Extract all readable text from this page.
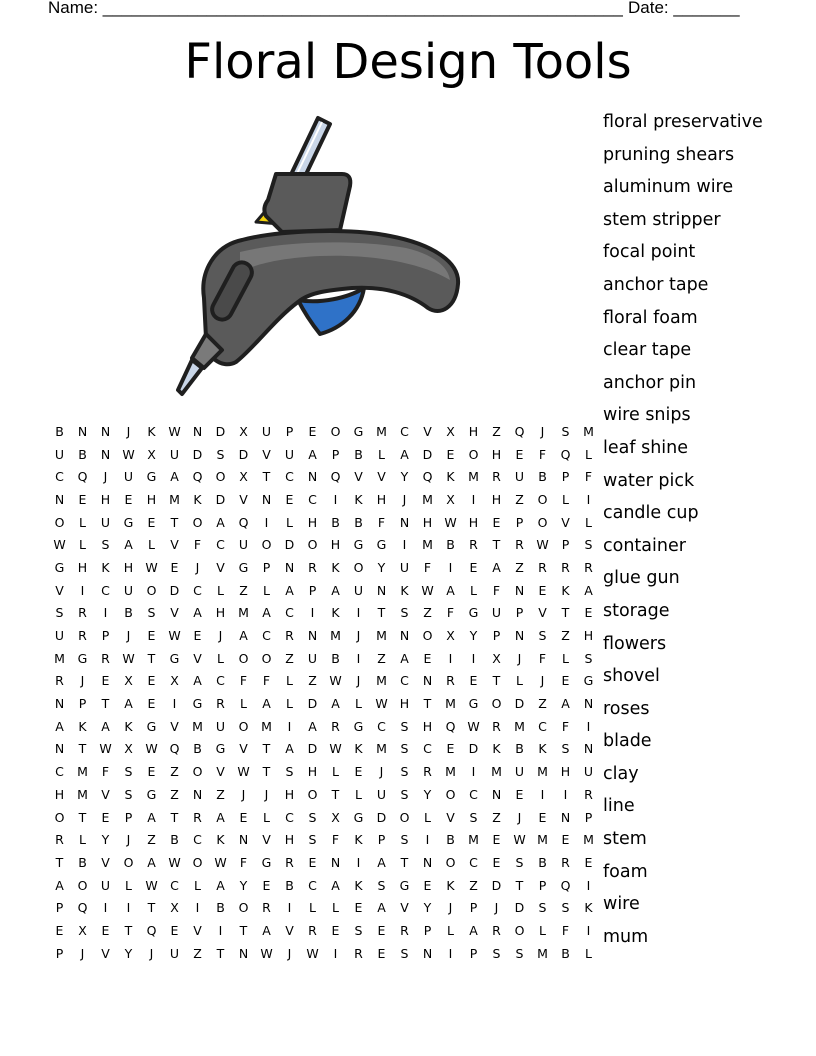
Name: _______________________________________________________ Date: _______
Floral Design Tools
B	N	N	J	K	W	N	D	X	U	P	E	O	G	M	C	V	X	H	Z	Q	J	S	M
U	B	N	W	X	U	D	S	D	V	U	A	P	B	L	A	D	E	O	H	E	F	Q	L
C	Q	J	U	G	A	Q	O	X	T	C	N	Q	V	V	Y	Q	K	M	R	U	B	P	F
N	E	H	E	H	M	K	D	V	N	E	C	I	K	H	J	M	X	I	H	Z	O	L	I
O	L	U	G	E	T	O	A	Q	I	L	H	B	B	F	N	H	W	H	E	P	O	V	L
W	L	S	A	L	V	F	C	U	O	D	O	H	G	G	I	M	B	R	T	R	W	P	S
G	H	K	H	W	E	J	V	G	P	N	R	K	O	Y	U	F	I	E	A	Z	R	R	R
V	I	C	U	O	D	C	L	Z	L	A	P	A	U	N	K	W	A	L	F	N	E	K	A
S	R	I	B	S	V	A	H	M	A	C	I	K	I	T	S	Z	F	G	U	P	V	T	E
U	R	P	J	E	W	E	J	A	C	R	N	M	J	M	N	O	X	Y	P	N	S	Z	H
M	G	R	W	T	G	V	L	O	O	Z	U	B	I	Z	A	E	I	I	X	J	F	L	S
R	J	E	X	E	X	A	C	F	F	L	Z	W	J	M	C	N	R	E	T	L	J	E	G
N	P	T	A	E	I	G	R	L	A	L	D	A	L	W	H	T	M	G	O	D	Z	A	N
A	K	A	K	G	V	M	U	O	M	I	A	R	G	C	S	H	Q	W	R	M	C	F	I
N	T	W	X	W	Q	B	G	V	T	A	D	W	K	M	S	C	E	D	K	B	K	S	N
C	M	F	S	E	Z	O	V	W	T	S	H	L	E	J	S	R	M	I	M	U	M	H	U
H	M	V	S	G	Z	N	Z	J	J	H	O	T	L	U	S	Y	O	C	N	E	I	I	R
O	T	E	P	A	T	R	A	E	L	C	S	X	G	D	O	L	V	S	Z	J	E	N	P
R	L	Y	J	Z	B	C	K	N	V	H	S	F	K	P	S	I	B	M	E	W	M	E	M
T	B	V	O	A	W	O	W	F	G	R	E	N	I	A	T	N	O	C	E	S	B	R	E
A	O	U	L	W	C	L	A	Y	E	B	C	A	K	S	G	E	K	Z	D	T	P	Q	I
P	Q	I	I	T	X	I	B	O	R	I	L	L	E	A	V	Y	J	P	J	D	S	S	K
E	X	E	T	Q	E	V	I	T	A	V	R	E	S	E	R	P	L	A	R	O	L	F	I
P	J	V	Y	J	U	Z	T	N	W	J	W	I	R	E	S	N	I	P	S	S	M	B	L
floral preservative
pruning shears
aluminum wire
stem stripper
focal point
anchor tape
floral foam
clear tape
anchor pin
wire snips
leaf shine
water pick
candle cup
container
glue gun
storage
flowers
shovel
roses
blade
clay
line
stem
foam
wire
mum
